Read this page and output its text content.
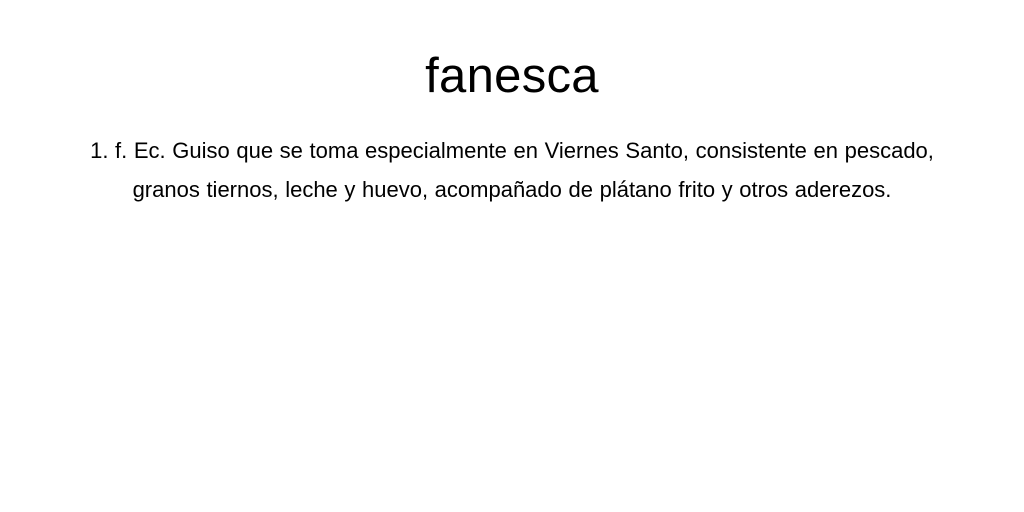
fanesca

1. f. Ec. Guiso que se toma especialmente en Viernes Santo, consistente en pescado, granos tiernos, leche y huevo, acompañado de plátano frito y otros aderezos.
